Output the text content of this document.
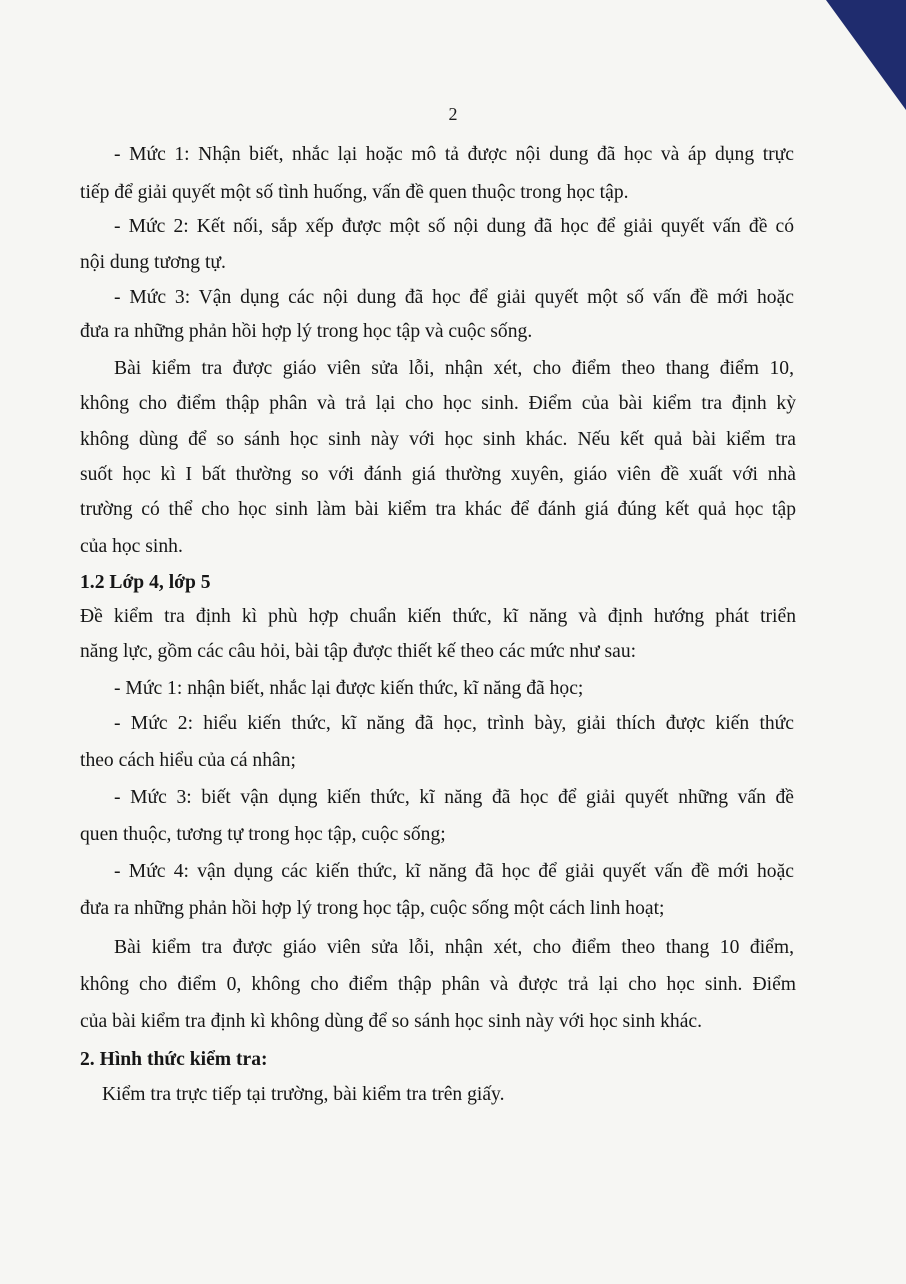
2
- Mức 1: Nhận biết, nhắc lại hoặc mô tả được nội dung đã học và áp dụng trực
tiếp để giải quyết một số tình huống, vấn đề quen thuộc trong học tập.
- Mức 2: Kết nối, sắp xếp được một số nội dung đã học để giải quyết vấn đề có
nội dung tương tự.
- Mức 3: Vận dụng các nội dung đã học để giải quyết một số vấn đề mới hoặc
đưa ra những phản hồi hợp lý trong học tập và cuộc sống.
Bài kiểm tra được giáo viên sửa lỗi, nhận xét, cho điểm theo thang điểm 10,
không cho điểm thập phân và trả lại cho học sinh. Điểm của bài kiểm tra định kỳ
không dùng để so sánh học sinh này với học sinh khác. Nếu kết quả bài kiểm tra
suốt học kì I bất thường so với đánh giá thường xuyên, giáo viên đề xuất với nhà
trường có thể cho học sinh làm bài kiểm tra khác để đánh giá đúng kết quả học tập
của học sinh.
1.2 Lớp 4, lớp 5
Đề kiểm tra định kì phù hợp chuẩn kiến thức, kĩ năng và định hướng phát triển
năng lực, gồm các câu hỏi, bài tập được thiết kế theo các mức như sau:
- Mức 1: nhận biết, nhắc lại được kiến thức, kĩ năng đã học;
- Mức 2: hiểu kiến thức, kĩ năng đã học, trình bày, giải thích được kiến thức
theo cách hiểu của cá nhân;
- Mức 3: biết vận dụng kiến thức, kĩ năng đã học để giải quyết những vấn đề
quen thuộc, tương tự trong học tập, cuộc sống;
- Mức 4: vận dụng các kiến thức, kĩ năng đã học để giải quyết vấn đề mới hoặc
đưa ra những phản hồi hợp lý trong học tập, cuộc sống một cách linh hoạt;
Bài kiểm tra được giáo viên sửa lỗi, nhận xét, cho điểm theo thang 10 điểm,
không cho điểm 0, không cho điểm thập phân và được trả lại cho học sinh. Điểm
của bài kiểm tra định kì không dùng để so sánh học sinh này với học sinh khác.
2. Hình thức kiểm tra:
Kiểm tra trực tiếp tại trường, bài kiểm tra trên giấy.
